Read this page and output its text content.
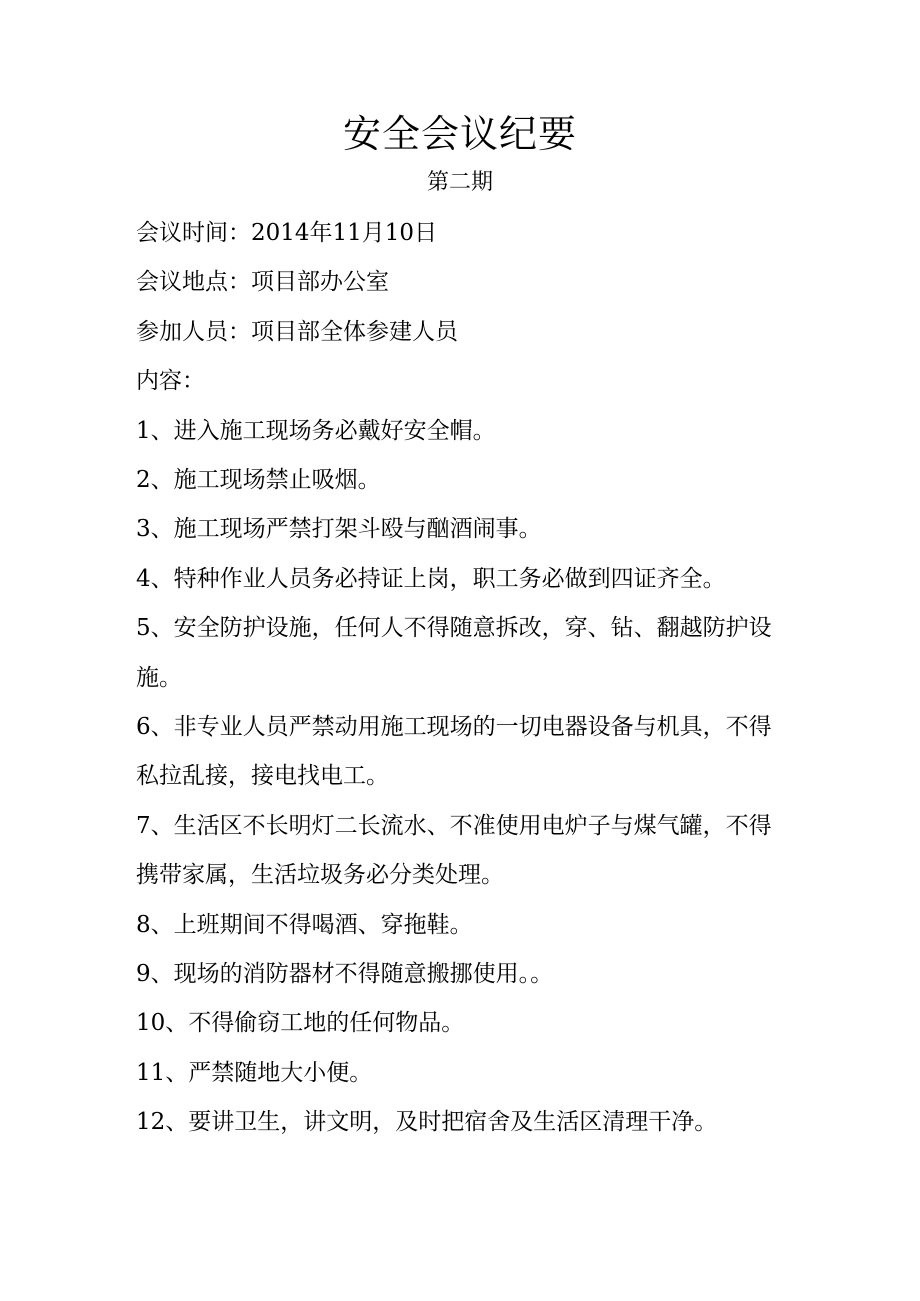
安全会议纪要
第二期
会议时间：2014年11月10日
会议地点：项目部办公室
参加人员：项目部全体参建人员
内容：
1、进入施工现场务必戴好安全帽。
2、施工现场禁止吸烟。
3、施工现场严禁打架斗殴与酗酒闹事。
4、特种作业人员务必持证上岗，职工务必做到四证齐全。
5、安全防护设施，任何人不得随意拆改，穿、钻、翻越防护设施。
6、非专业人员严禁动用施工现场的一切电器设备与机具，不得私拉乱接，接电找电工。
7、生活区不长明灯二长流水、不准使用电炉子与煤气罐，不得携带家属，生活垃圾务必分类处理。
8、上班期间不得喝酒、穿拖鞋。
9、现场的消防器材不得随意搬挪使用。。
10、不得偷窃工地的任何物品。
11、严禁随地大小便。
12、要讲卫生，讲文明，及时把宿舍及生活区清理干净。
